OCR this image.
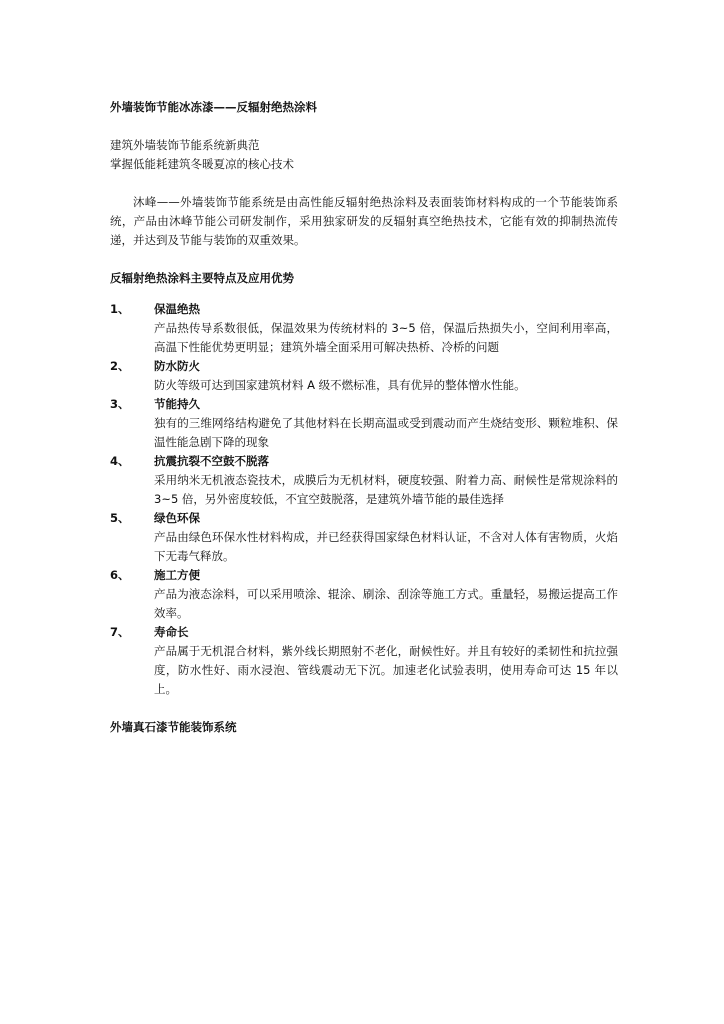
外墙装饰节能冰冻漆——反辐射绝热涂料

建筑外墙装饰节能系统新典范

掌握低能耗建筑冬暖夏凉的核心技术

沐峰——外墙装饰节能系统是由高性能反辐射绝热涂料及表面装饰材料构成的一个节能装饰系统，产品由沐峰节能公司研发制作，采用独家研发的反辐射真空绝热技术，它能有效的抑制热流传递，并达到及节能与装饰的双重效果。

反辐射绝热涂料主要特点及应用优势

1、	保温绝热
产品热传导系数很低，保温效果为传统材料的 3~5 倍，保温后热损失小，空间利用率高，高温下性能优势更明显；建筑外墙全面采用可解决热桥、冷桥的问题
2、	防水防火
防火等级可达到国家建筑材料 A 级不燃标准，具有优异的整体憎水性能。
3、	节能持久
独有的三维网络结构避免了其他材料在长期高温或受到震动而产生烧结变形、颗粒堆积、保温性能急剧下降的现象
4、	抗震抗裂不空鼓不脱落
采用纳米无机液态瓷技术，成膜后为无机材料，硬度较强、附着力高、耐候性是常规涂料的 3~5 倍，另外密度较低，不宜空鼓脱落，是建筑外墙节能的最佳选择
5、	绿色环保
产品由绿色环保水性材料构成，并已经获得国家绿色材料认证，不含对人体有害物质，火焰下无毒气释放。
6、	施工方便
产品为液态涂料，可以采用喷涂、辊涂、刷涂、刮涂等施工方式。重量轻，易搬运提高工作效率。
7、	寿命长
产品属于无机混合材料，紫外线长期照射不老化，耐候性好。并且有较好的柔韧性和抗拉强度，防水性好、雨水浸泡、管线震动无下沉。加速老化试验表明，使用寿命可达 15 年以上。

外墙真石漆节能装饰系统
